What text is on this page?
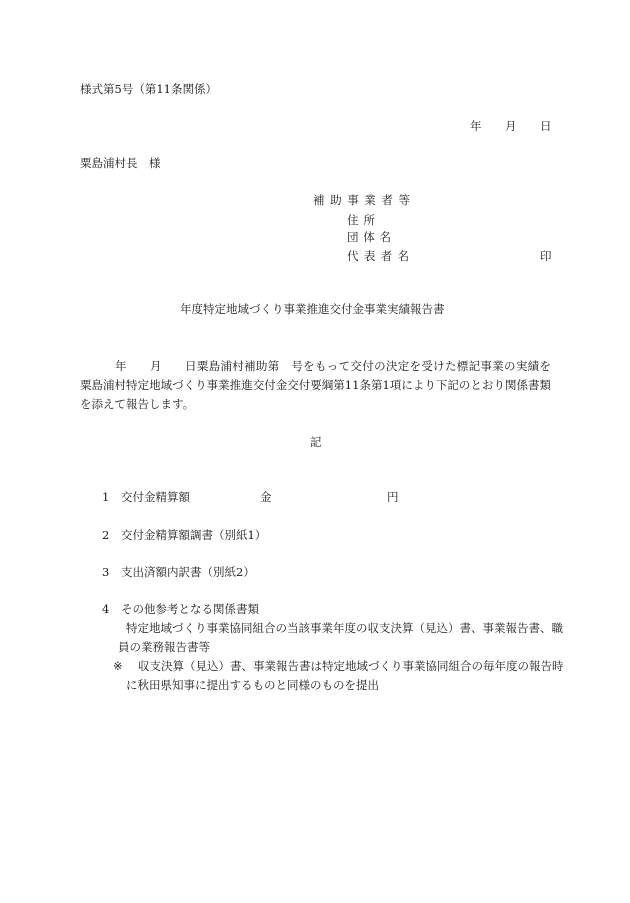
様式第5号（第11条関係）
年 月 日
粟島浦村長　様
補助事業者等
住所
団体名
代表者名	印
年度特定地域づくり事業推進交付金事業実績報告書
年 月 日粟島浦村補助第　号をもって交付の決定を受けた標記事業の実績を
粟島浦村特定地域づくり事業推進交付金交付要綱第11条第1項により下記のとおり関係書類
を添えて報告します。
記
1 交付金精算額	金	円
2 交付金精算額調書（別紙1）
3 支出済額内訳書（別紙2）
4 その他参考となる関係書類
特定地域づくり事業協同組合の当該事業年度の収支決算（見込）書、事業報告書、職
員の業務報告書等
※ 収支決算（見込）書、事業報告書は特定地域づくり事業協同組合の毎年度の報告時
に秋田県知事に提出するものと同様のものを提出
